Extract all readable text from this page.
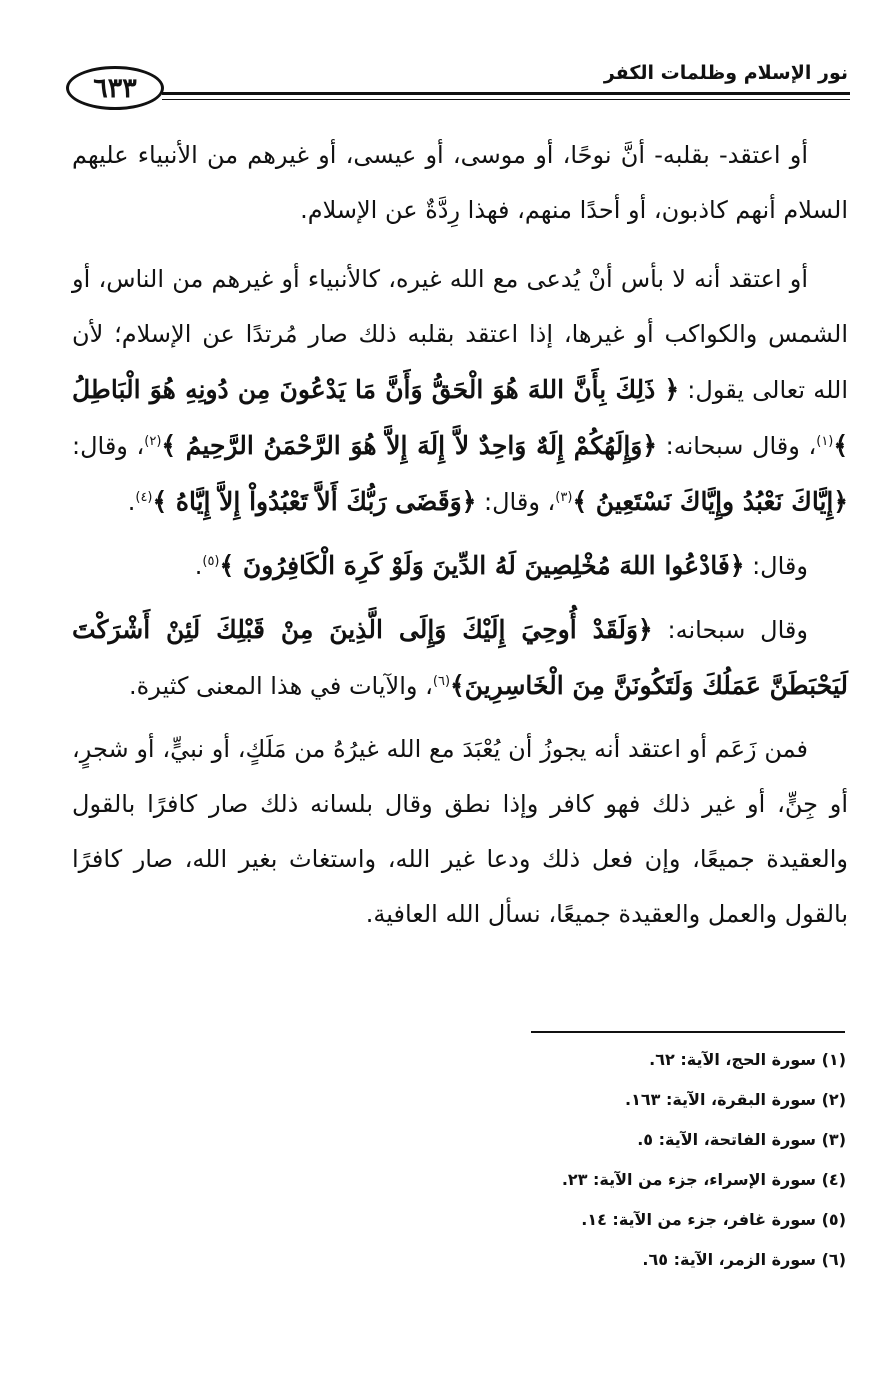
٦٣٣	نور الإسلام وظلمات الكفر

أو اعتقد- بقلبه- أنَّ نوحًا، أو موسى، أو عيسى، أو غيرهم من الأنبياء عليهم السلام أنهم كاذبون، أو أحدًا منهم، فهذا رِدَّةٌ عن الإسلام.

أو اعتقد أنه لا بأس أنْ يُدعى مع الله غيره، كالأنبياء أو غيرهم من الناس، أو الشمس والكواكب أو غيرها، إذا اعتقد بقلبه ذلك صار مُرتدًا عن الإسلام؛ لأن الله تعالى يقول: ﴿ ذَلِكَ بِأَنَّ اللهَ هُوَ الْحَقُّ وَأَنَّ مَا يَدْعُونَ مِن دُونِهِ هُوَ الْبَاطِلُ ﴾$^{(١)}$، وقال سبحانه: ﴿وَإِلَهُكُمْ إِلَهٌ وَاحِدٌ لاَّ إِلَهَ إِلاَّ هُوَ الرَّحْمَنُ الرَّحِيمُ ﴾$^{(٢)}$، وقال: ﴿إِيَّاكَ نَعْبُدُ وإِيَّاكَ نَسْتَعِينُ ﴾$^{(٣)}$، وقال: ﴿وَقَضَى رَبُّكَ أَلاَّ تَعْبُدُواْ إِلاَّ إِيَّاهُ ﴾$^{(٤)}$.

وقال: ﴿فَادْعُوا اللهَ مُخْلِصِينَ لَهُ الدِّينَ وَلَوْ كَرِهَ الْكَافِرُونَ ﴾$^{(٥)}$.

وقال سبحانه: ﴿وَلَقَدْ أُوحِيَ إِلَيْكَ وَإِلَى الَّذِينَ مِنْ قَبْلِكَ لَئِنْ أَشْرَكْتَ لَيَحْبَطَنَّ عَمَلُكَ وَلَتَكُونَنَّ مِنَ الْخَاسِرِينَ﴾$^{(٦)}$، والآيات في هذا المعنى كثيرة.

فمن زَعَم أو اعتقد أنه يجوزُ أن يُعْبَدَ مع الله غيرُهُ من مَلَكٍ، أو نبيٍّ، أو شجرٍ، أو جِنٍّ، أو غير ذلك فهو كافر وإذا نطق وقال بلسانه ذلك صار كافرًا بالقول والعقيدة جميعًا، وإن فعل ذلك ودعا غير الله، واستغاث بغير الله، صار كافرًا بالقول والعمل والعقيدة جميعًا، نسأل الله العافية.

(١) سورة الحج، الآية: ٦٢.
(٢) سورة البقرة، الآية: ١٦٣.
(٣) سورة الفاتحة، الآية: ٥.
(٤) سورة الإسراء، جزء من الآية: ٢٣.
(٥) سورة غافر، جزء من الآية: ١٤.
(٦) سورة الزمر، الآية: ٦٥.
